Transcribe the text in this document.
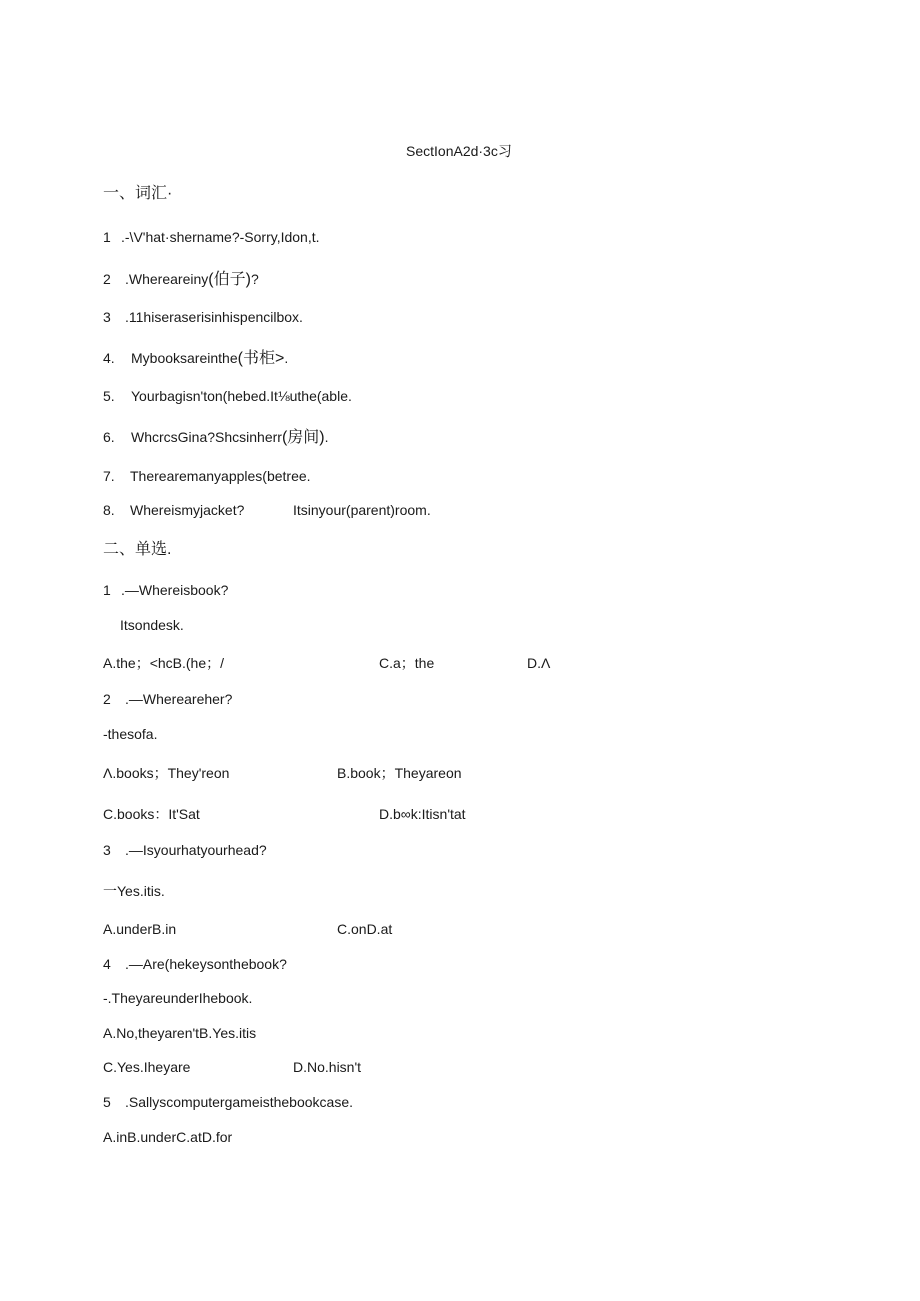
SectIonA2d·3c习
一、词汇·
1 .-\V'hat·shername?-Sorry,Idon,t.
2 .Whereareiny(伯子)?
3 .11hiseraserisinhispencilbox.
4. Mybooksareinthe(书柜>.
5. Yourbagisn'ton(hebed.It⅛uthe(able.
6. WhcrcsGina?Shcsinherr(房间).
7. Therearemanyapples(betree.
8. Whereismyjacket?	Itsinyour(parent)room.
二、单选.
1 .—Whereisbook?
Itsondesk.
A.the；<hcB.(he；/	C.a；the	D.Λ
2 .—Whereareher?
-thesofa.
Λ.books；They'reon	B.book；Theyareon
C.books：It'Sat	D.b∞k:Itisn'tat
3 .—Isyourhatyourhead?
一Yes.itis.
A.underB.in	C.onD.at
4 .—Are(hekeysonthebook?
-.TheyareunderIhebook.
A.No,theyaren'tB.Yes.itis
C.Yes.Iheyare	D.No.hisn't
5 .Sallyscomputergameisthebookcase.
A.inB.underC.atD.for
